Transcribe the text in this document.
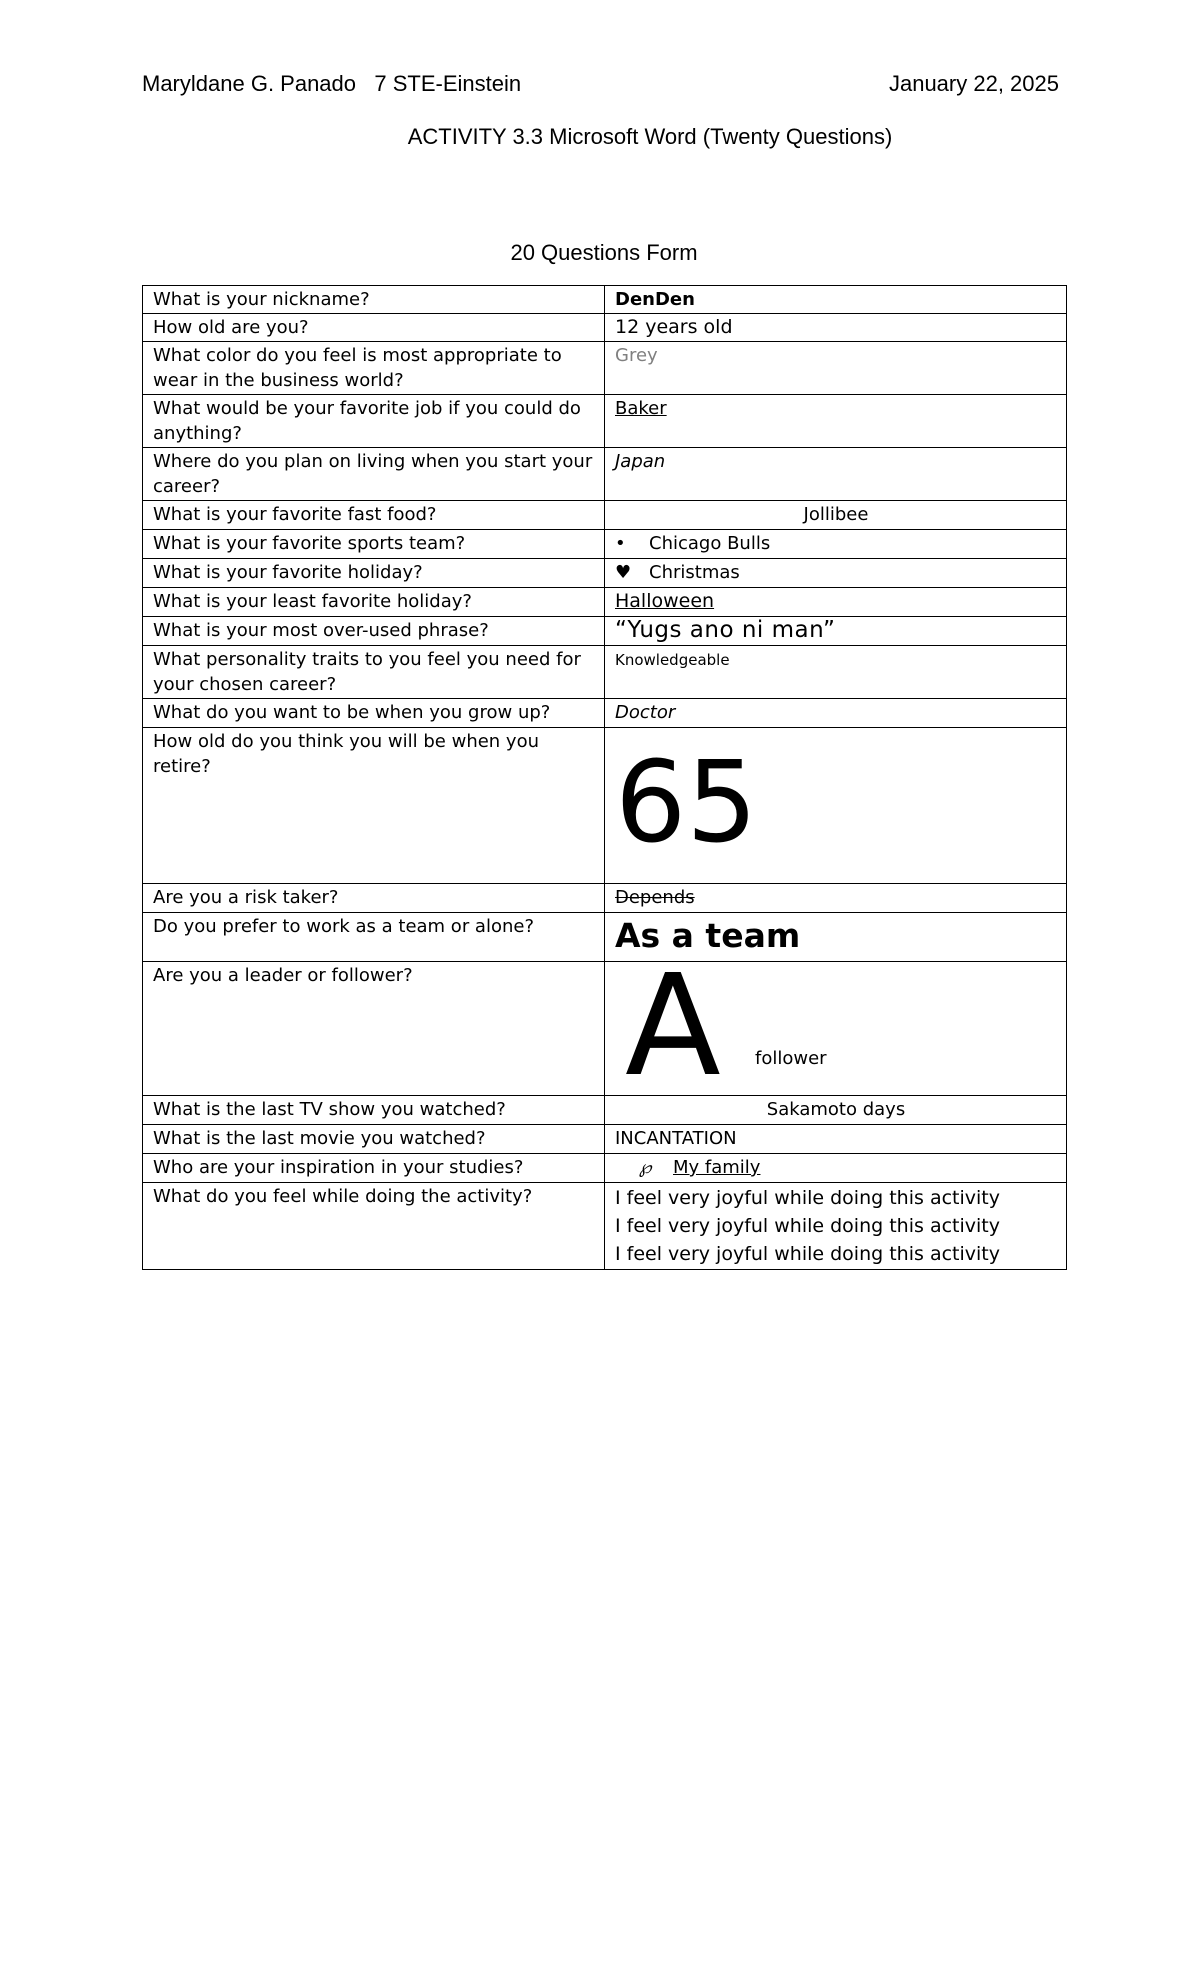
Maryldane G. Panado   7 STE-Einstein	January 22, 2025
ACTIVITY 3.3 Microsoft Word (Twenty Questions)
20 Questions Form
What is your nickname?	DenDen
How old are you?	12 years old
What color do you feel is most appropriate to wear in the business world?	Grey
What would be your favorite job if you could do anything?	Baker
Where do you plan on living when you start your career?	Japan
What is your favorite fast food?	Jollibee
What is your favorite sports team?	• Chicago Bulls
What is your favorite holiday?	♥ Christmas
What is your least favorite holiday?	Halloween
What is your most over-used phrase?	“Yugs ano ni man”
What personality traits to you feel you need for your chosen career?	Knowledgeable
What do you want to be when you grow up?	Doctor
How old do you think you will be when you retire?	65

Are you a risk taker?	Depends
Do you prefer to work as a team or alone?	As a team

Are you a leader or follower?	A follower

What is the last TV show you watched?	Sakamoto days
What is the last movie you watched?	INCANTATION
Who are your inspiration in your studies?	℘ My family
What do you feel while doing the activity?	I feel very joyful while doing this activity
I feel very joyful while doing this activity
I feel very joyful while doing this activity
